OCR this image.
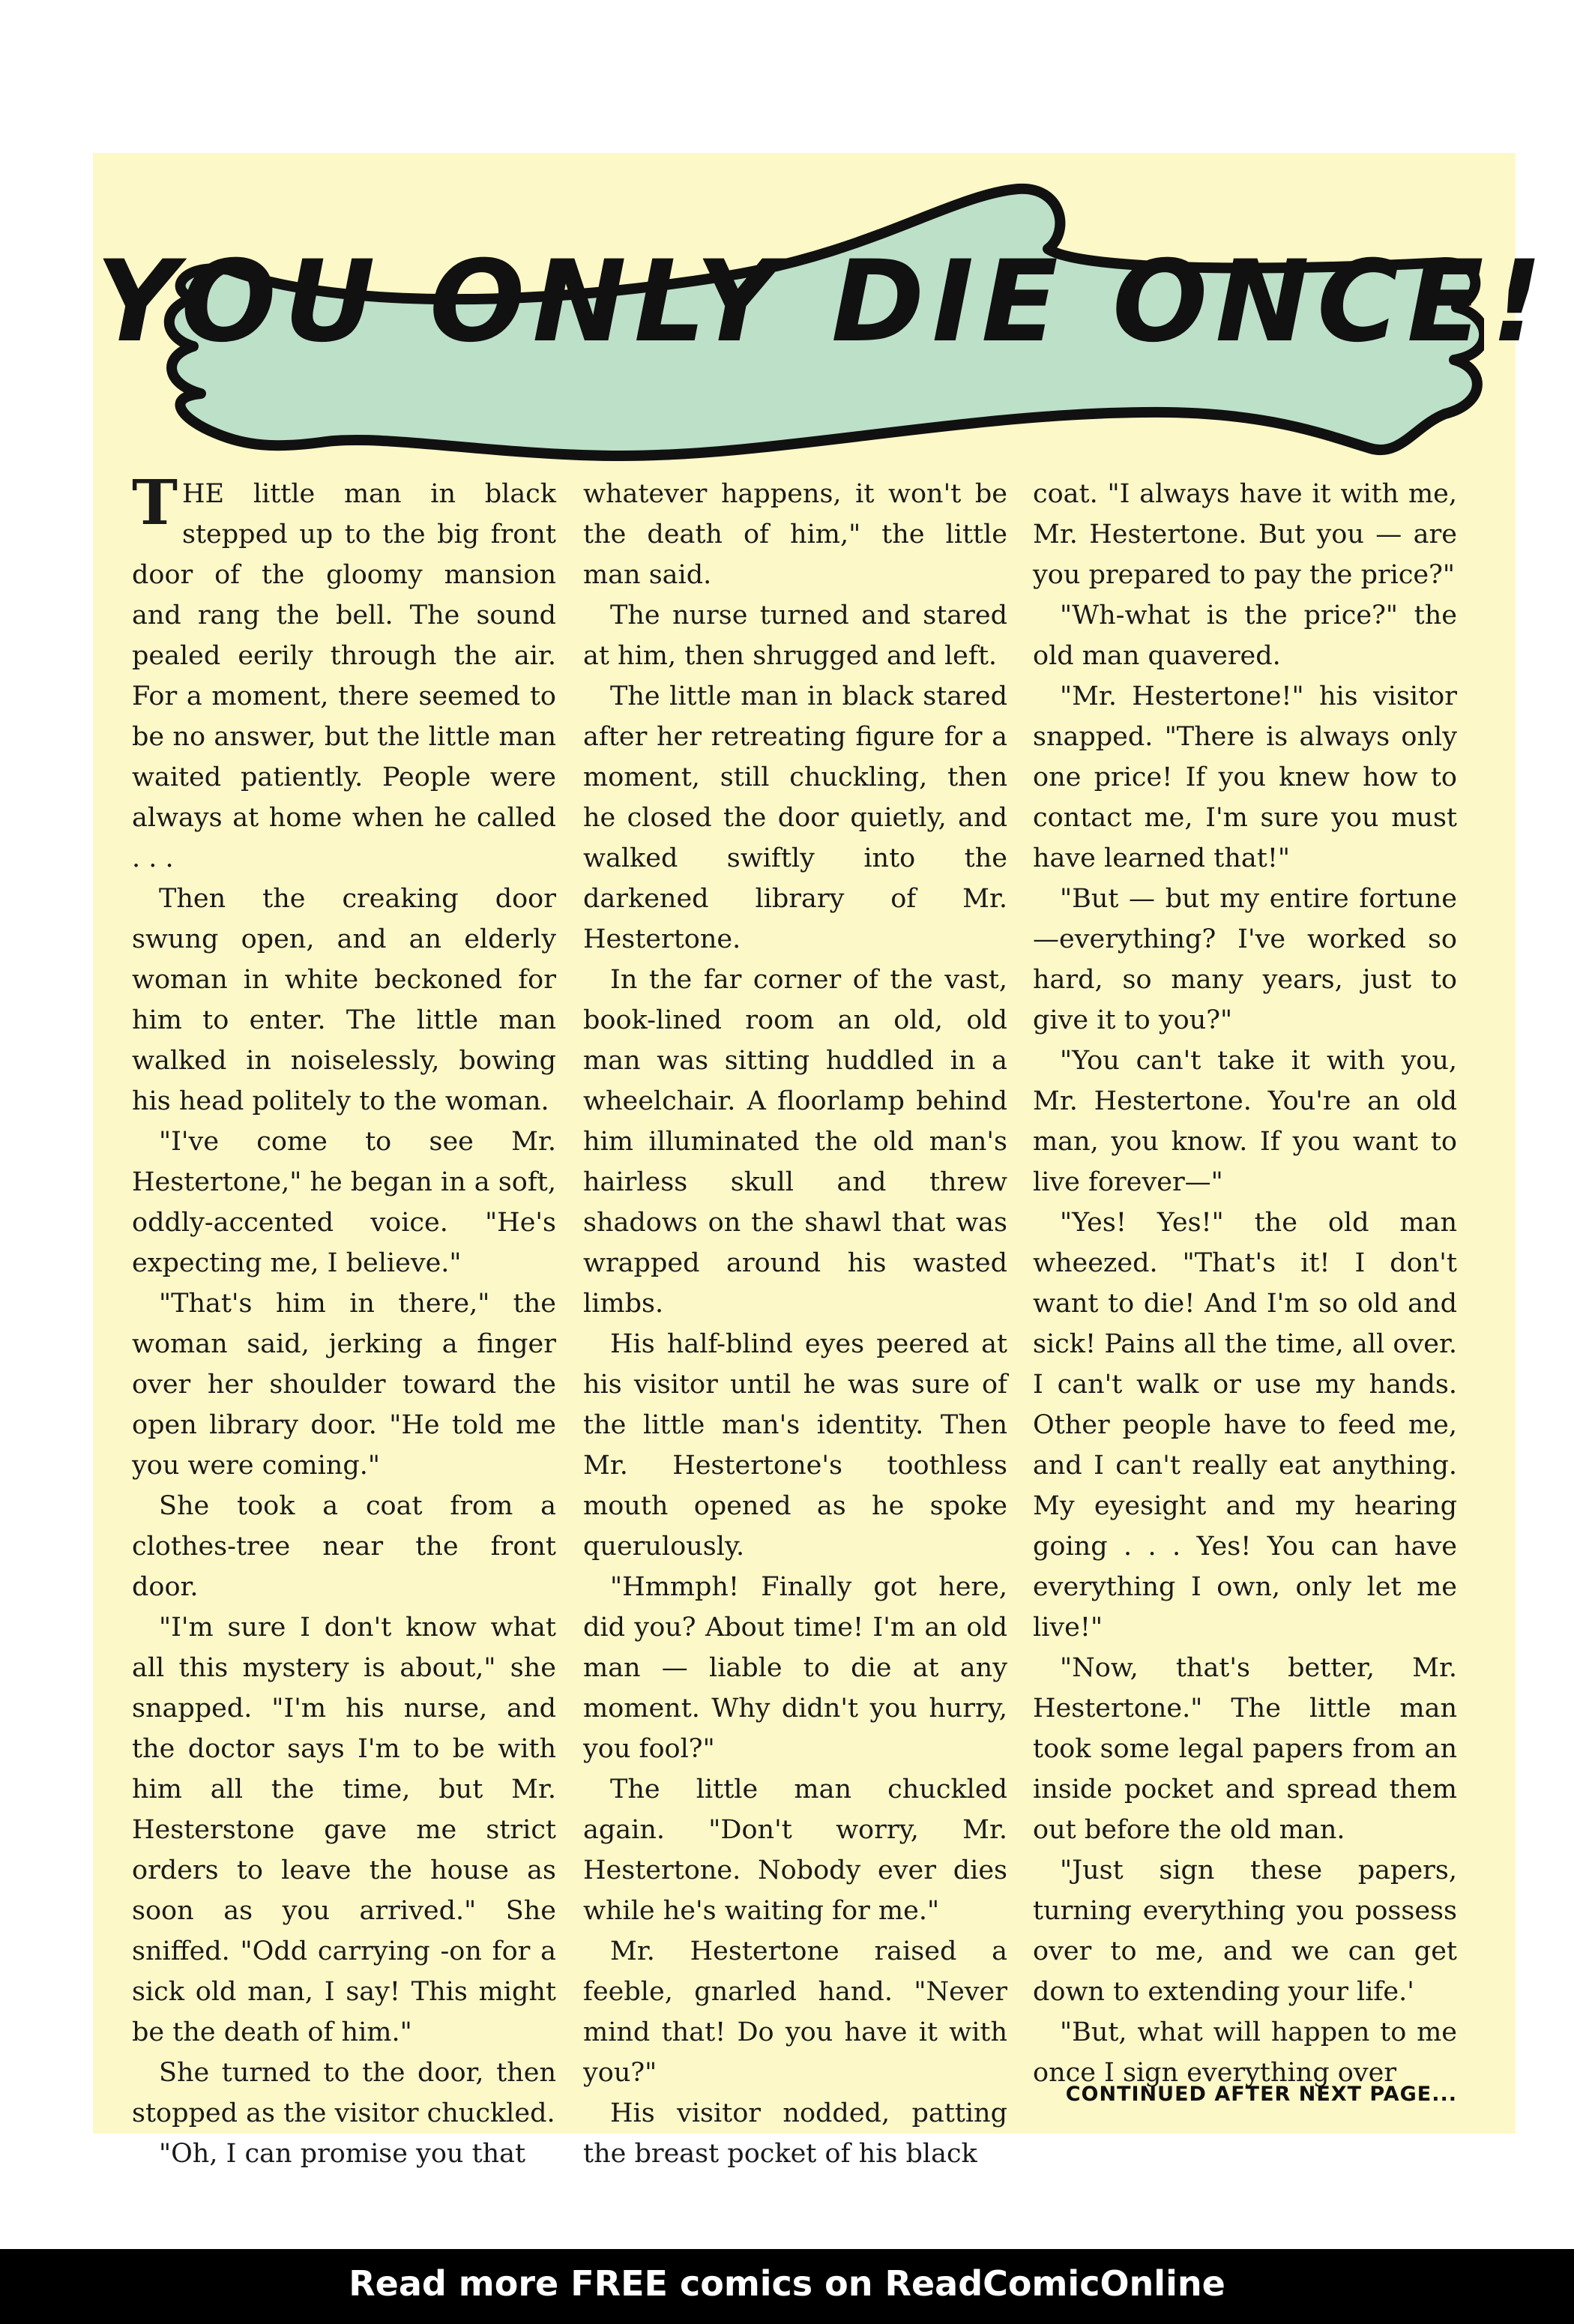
YOU ONLY DIE ONCE!

THE little man in black stepped up to the big front door of the gloomy mansion and rang the bell. The sound pealed eerily through the air. For a moment, there seemed to be no answer, but the little man waited patiently. People were always at home when he called . . .

Then the creaking door swung open, and an elderly woman in white beckoned for him to enter. The little man walked in noiselessly, bowing his head politely to the woman.

"I've come to see Mr. Hestertone," he began in a soft, oddly-accented voice. "He's expecting me, I believe."

"That's him in there," the woman said, jerking a finger over her shoulder toward the open library door. "He told me you were coming."

She took a coat from a clothes-tree near the front door.

"I'm sure I don't know what all this mystery is about," she snapped. "I'm his nurse, and the doctor says I'm to be with him all the time, but Mr. Hesterstone gave me strict orders to leave the house as soon as you arrived." She sniffed. "Odd carrying -on for a sick old man, I say! This might be the death of him."

She turned to the door, then stopped as the visitor chuckled.

"Oh, I can promise you that

whatever happens, it won't be the death of him," the little man said.

The nurse turned and stared at him, then shrugged and left.

The little man in black stared after her retreating figure for a moment, still chuckling, then he closed the door quietly, and walked swiftly into the darkened library of Mr. Hestertone.

In the far corner of the vast, book-lined room an old, old man was sitting huddled in a wheelchair. A floorlamp behind him illuminated the old man's hairless skull and threw shadows on the shawl that was wrapped around his wasted limbs.

His half-blind eyes peered at his visitor until he was sure of the little man's identity. Then Mr. Hestertone's toothless mouth opened as he spoke querulously.

"Hmmph! Finally got here, did you? About time! I'm an old man — liable to die at any moment. Why didn't you hurry, you fool?"

The little man chuckled again. "Don't worry, Mr. Hestertone. Nobody ever dies while he's waiting for me."

Mr. Hestertone raised a feeble, gnarled hand. "Never mind that! Do you have it with you?"

His visitor nodded, patting the breast pocket of his black

coat. "I always have it with me, Mr. Hestertone. But you — are you prepared to pay the price?"

"Wh-what is the price?" the old man quavered.

"Mr. Hestertone!" his visitor snapped. "There is always only one price! If you knew how to contact me, I'm sure you must have learned that!"

"But — but my entire fortune —everything? I've worked so hard, so many years, just to give it to you?"

"You can't take it with you, Mr. Hestertone. You're an old man, you know. If you want to live forever—"

"Yes! Yes!" the old man wheezed. "That's it! I don't want to die! And I'm so old and sick! Pains all the time, all over. I can't walk or use my hands. Other people have to feed me, and I can't really eat anything. My eyesight and my hearing going . . . Yes! You can have everything I own, only let me live!"

"Now, that's better, Mr. Hestertone." The little man took some legal papers from an inside pocket and spread them out before the old man.

"Just sign these papers, turning everything you possess over to me, and we can get down to extending your life.'

"But, what will happen to me once I sign everything over

CONTINUED AFTER NEXT PAGE...
Read more FREE comics on ReadComicOnline
